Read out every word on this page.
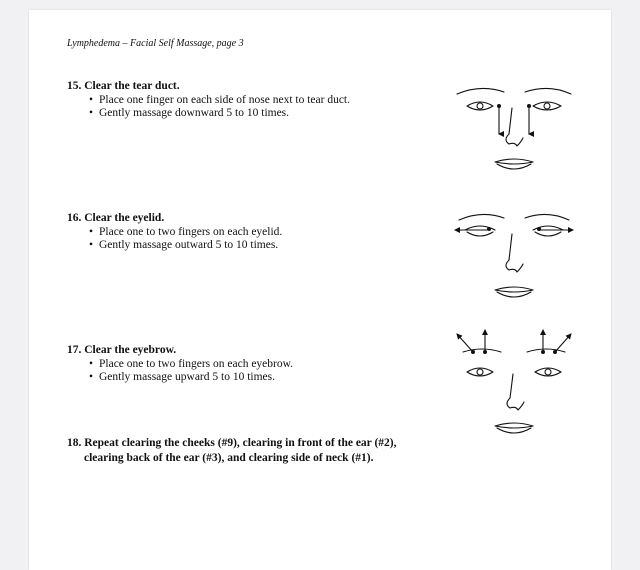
Lymphedema – Facial Self Massage, page 3
15. Clear the tear duct.
• Place one finger on each side of nose next to tear duct.
• Gently massage downward 5 to 10 times.
16. Clear the eyelid.
• Place one to two fingers on each eyelid.
• Gently massage outward 5 to 10 times.
17. Clear the eyebrow.
• Place one to two fingers on each eyebrow.
• Gently massage upward 5 to 10 times.
18. Repeat clearing the cheeks (#9), clearing in front of the ear (#2),
clearing back of the ear (#3), and clearing side of neck (#1).
